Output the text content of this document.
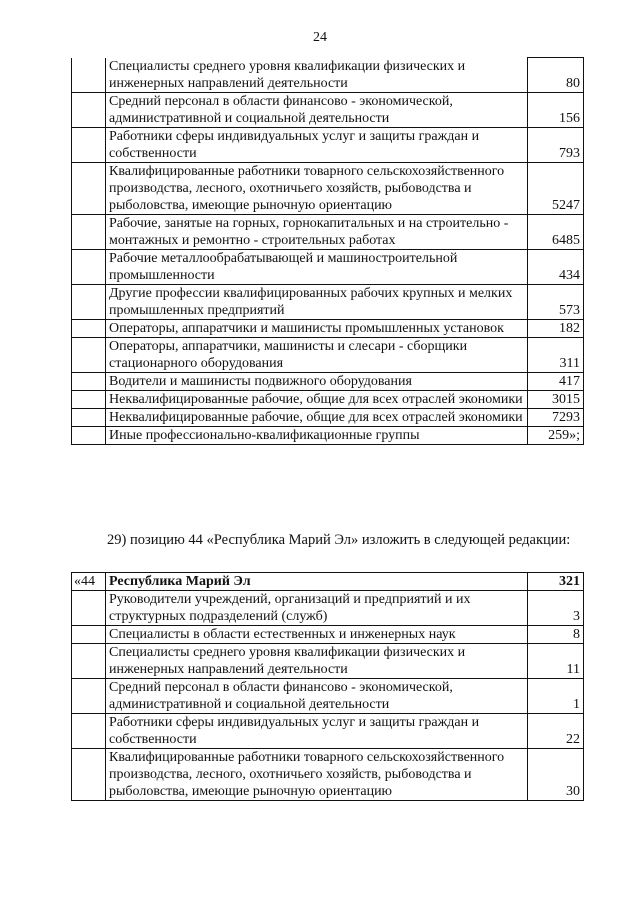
24
	Специалисты среднего уровня квалификации физических и инженерных направлений деятельности	80
	Средний персонал в области финансово - экономической, административной и социальной деятельности	156
	Работники сферы индивидуальных услуг и защиты граждан и собственности	793
	Квалифицированные работники товарного сельскохозяйственного производства, лесного, охотничьего хозяйств, рыбоводства и рыболовства, имеющие рыночную ориентацию	5247
	Рабочие, занятые на горных, горнокапитальных и на строительно - монтажных и ремонтно - строительных работах	6485
	Рабочие металлообрабатывающей и машиностроительной промышленности	434
	Другие профессии квалифицированных рабочих крупных и мелких промышленных предприятий	573
	Операторы, аппаратчики и машинисты промышленных установок	182
	Операторы, аппаратчики, машинисты и слесари - сборщики стационарного оборудования	311
	Водители и машинисты подвижного оборудования	417
	Неквалифицированные рабочие, общие для всех отраслей экономики	3015
	Неквалифицированные рабочие, общие для всех отраслей экономики	7293
	Иные профессионально-квалификационные группы	259»;
29) позицию 44 «Республика Марий Эл» изложить в следующей редакции:
«44	Республика Марий Эл	321
	Руководители учреждений, организаций и предприятий и их структурных подразделений (служб)	3
	Специалисты в области естественных и инженерных наук	8
	Специалисты среднего уровня квалификации физических и инженерных направлений деятельности	11
	Средний персонал в области финансово - экономической, административной и социальной деятельности	1
	Работники сферы индивидуальных услуг и защиты граждан и собственности	22
	Квалифицированные работники товарного сельскохозяйственного производства, лесного, охотничьего хозяйств, рыбоводства и рыболовства, имеющие рыночную ориентацию	30
